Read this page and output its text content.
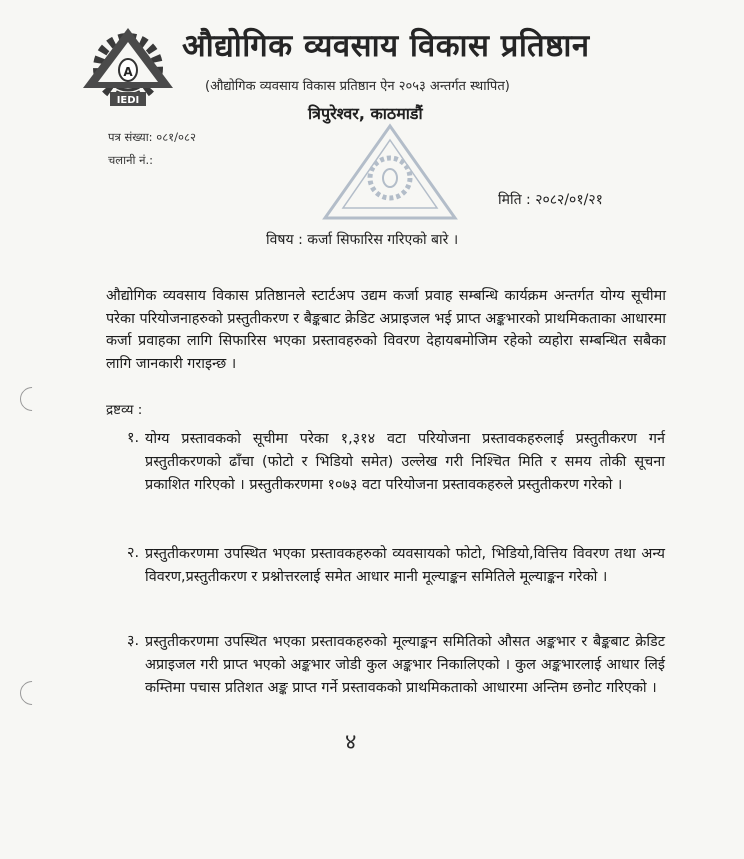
A
IEDI
औद्योगिक व्यवसाय विकास प्रतिष्ठान
(औद्योगिक व्यवसाय विकास प्रतिष्ठान ऐन २०५३ अन्तर्गत स्थापित)
त्रिपुरेश्वर, काठमाडौं
पत्र संख्या: ०८१/०८२
चलानी नं.:
मिति : २०८२/०१/२१
विषय : कर्जा सिफारिस गरिएको बारे ।

औद्योगिक व्यवसाय विकास प्रतिष्ठानले स्टार्टअप उद्यम कर्जा प्रवाह सम्बन्धि कार्यक्रम अन्तर्गत योग्य सूचीमा परेका परियोजनाहरुको प्रस्तुतीकरण र बैङ्कबाट क्रेडिट अप्राइजल भई प्राप्त अङ्कभारको प्राथमिकताका आधारमा कर्जा प्रवाहका लागि सिफारिस भएका प्रस्तावहरुको विवरण देहायबमोजिम रहेको व्यहोरा सम्बन्धित सबैका लागि जानकारी गराइन्छ ।

द्रष्टव्य :
१. योग्य प्रस्तावकको सूचीमा परेका १,३१४ वटा परियोजना प्रस्तावकहरुलाई प्रस्तुतीकरण गर्न प्रस्तुतीकरणको ढाँचा (फोटो र भिडियो समेत) उल्लेख गरी निश्चित मिति र समय तोकी सूचना प्रकाशित गरिएको । प्रस्तुतीकरणमा १०७३ वटा परियोजना प्रस्तावकहरुले प्रस्तुतीकरण गरेको ।

२. प्रस्तुतीकरणमा उपस्थित भएका प्रस्तावकहरुको व्यवसायको फोटो, भिडियो,वित्तिय विवरण तथा अन्य विवरण,प्रस्तुतीकरण र प्रश्नोत्तरलाई समेत आधार मानी मूल्याङ्कन समितिले मूल्याङ्कन गरेको ।

३. प्रस्तुतीकरणमा उपस्थित भएका प्रस्तावकहरुको मूल्याङ्कन समितिको औसत अङ्कभार र बैङ्कबाट क्रेडिट अप्राइजल गरी प्राप्त भएको अङ्कभार जोडी कुल अङ्कभार निकालिएको । कुल अङ्कभारलाई आधार लिई कम्तिमा पचास प्रतिशत अङ्क प्राप्त गर्ने प्रस्तावकको प्राथमिकताको आधारमा अन्तिम छनोट गरिएको ।

४
